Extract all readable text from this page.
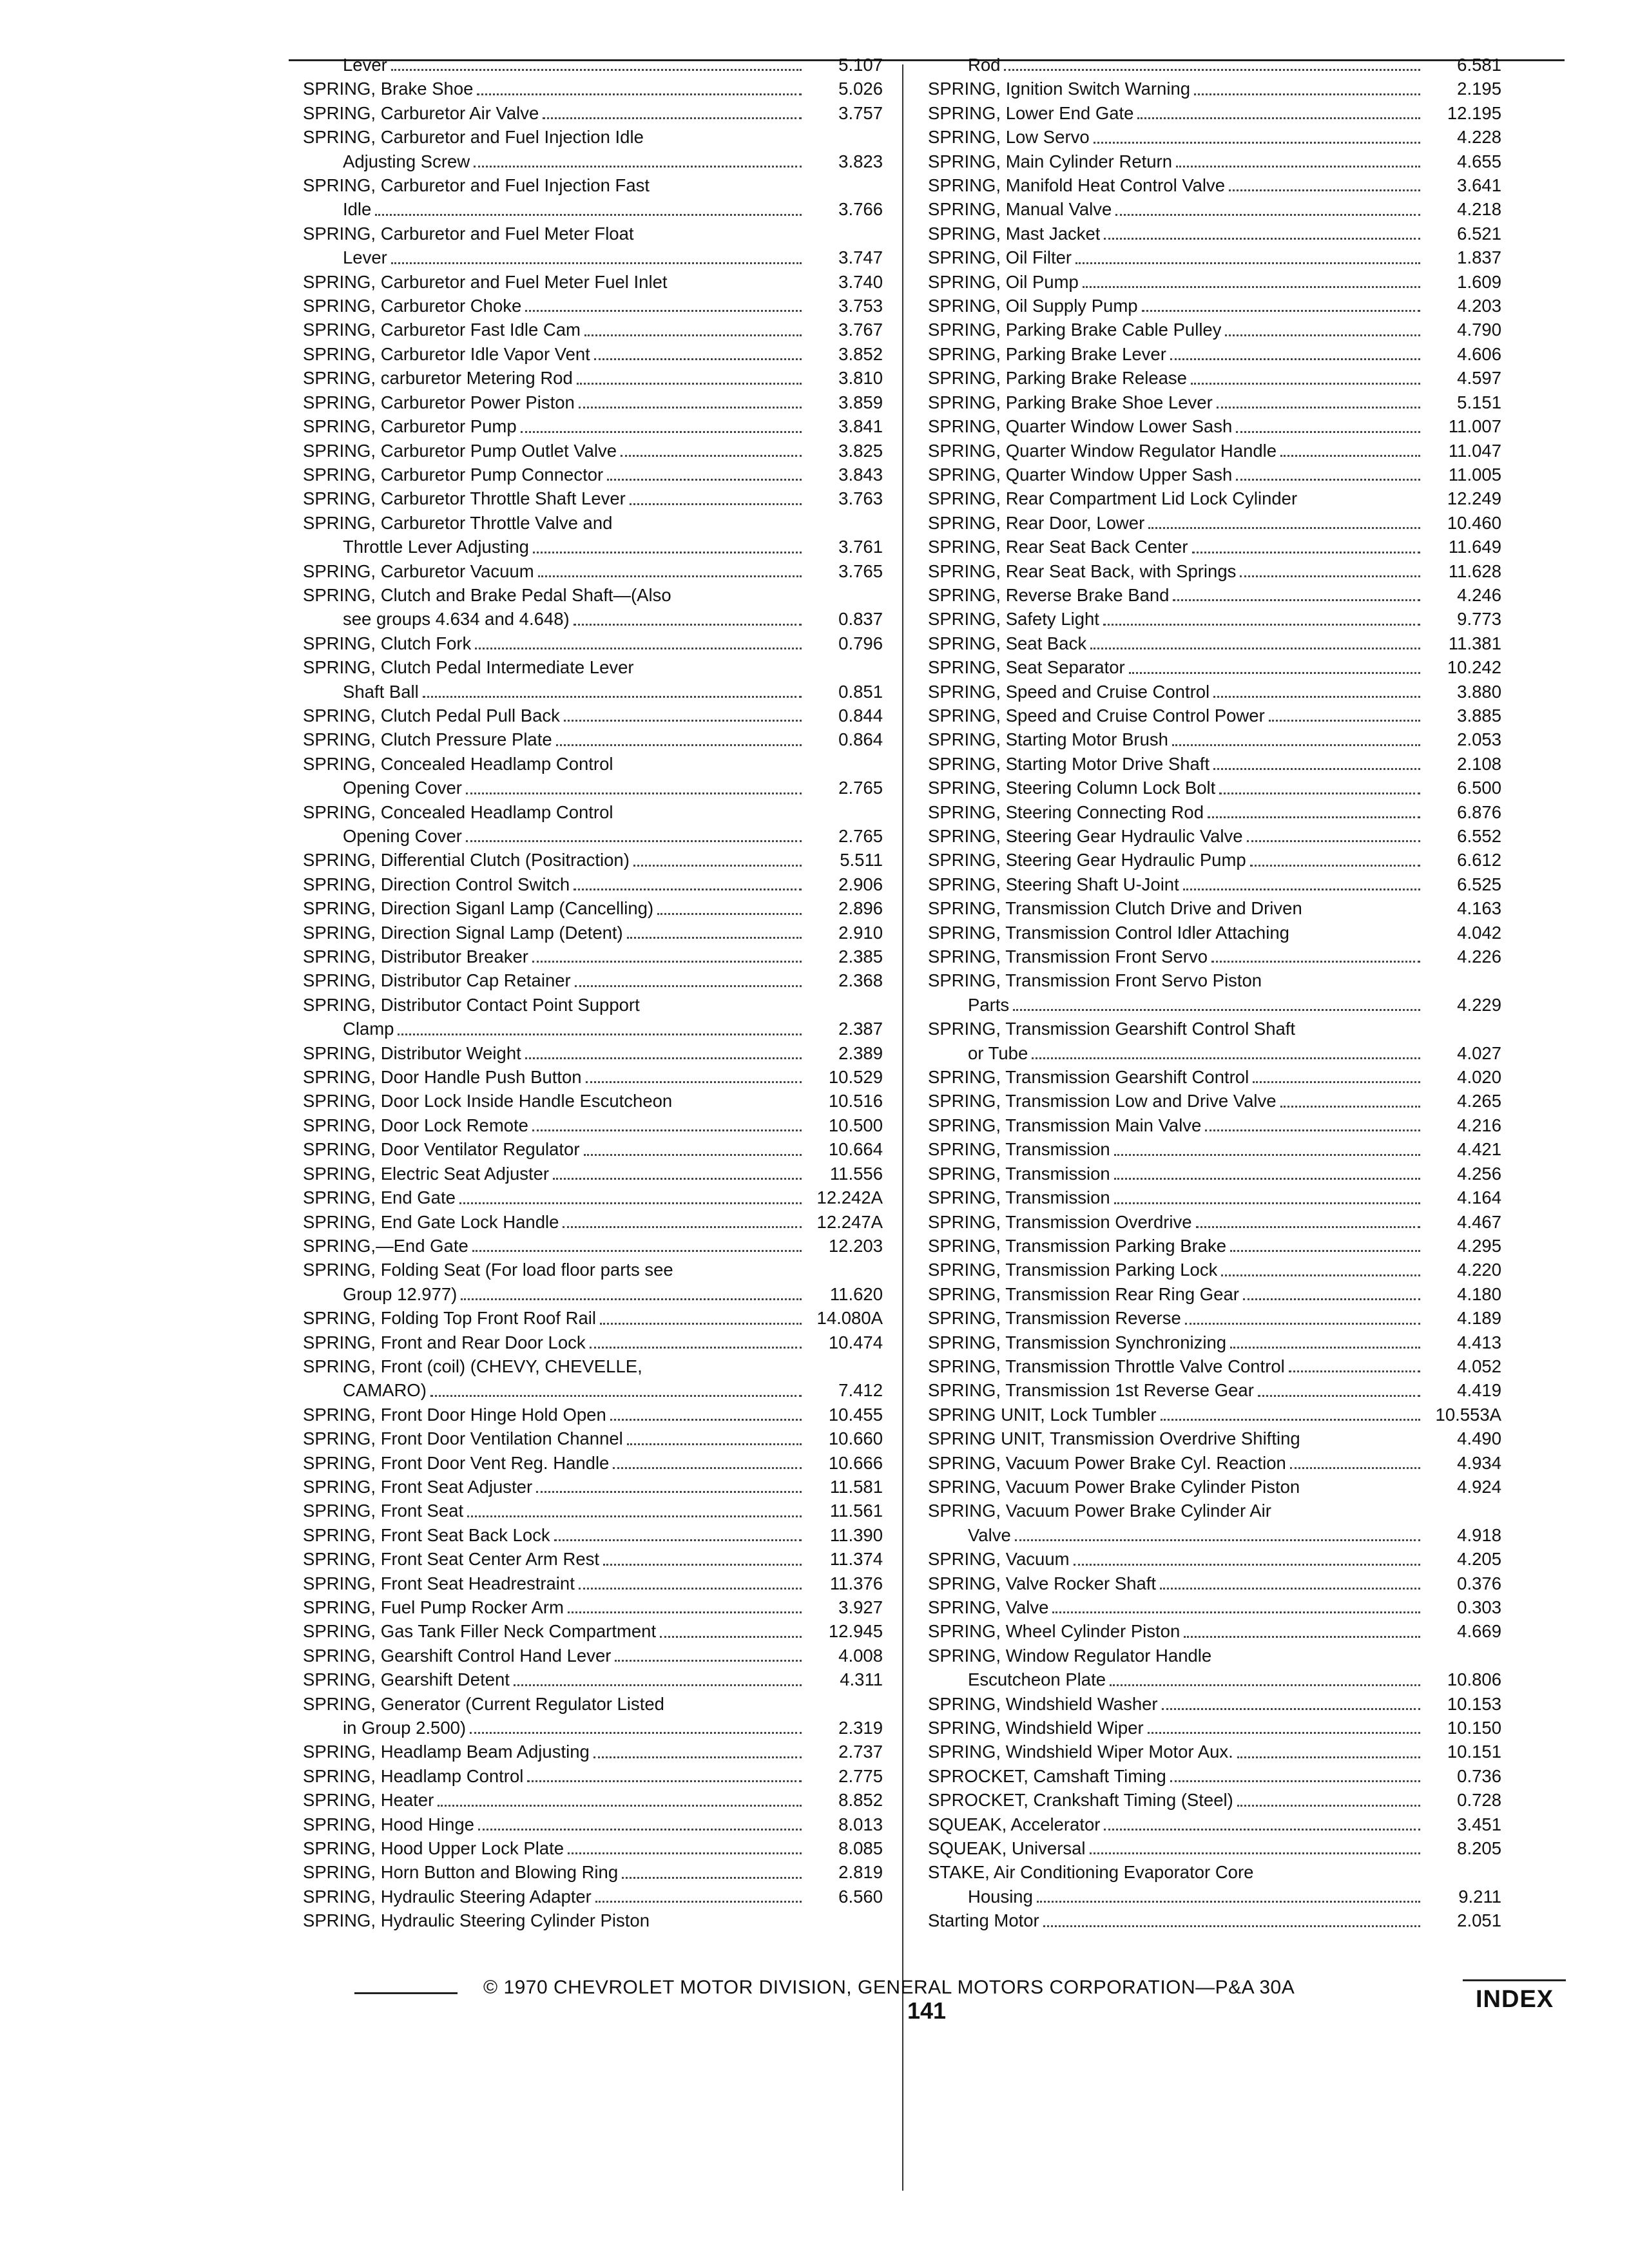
Lever	5.107
SPRING, Brake Shoe	5.026
SPRING, Carburetor Air Valve	3.757
SPRING, Carburetor and Fuel Injection Idle
Adjusting Screw	3.823
SPRING, Carburetor and Fuel Injection Fast
Idle	3.766
SPRING, Carburetor and Fuel Meter Float
Lever	3.747
SPRING, Carburetor and Fuel Meter Fuel Inlet	3.740
SPRING, Carburetor Choke	3.753
SPRING, Carburetor Fast Idle Cam	3.767
SPRING, Carburetor Idle Vapor Vent	3.852
SPRING, carburetor Metering Rod	3.810
SPRING, Carburetor Power Piston	3.859
SPRING, Carburetor Pump	3.841
SPRING, Carburetor Pump Outlet Valve	3.825
SPRING, Carburetor Pump Connector	3.843
SPRING, Carburetor Throttle Shaft Lever	3.763
SPRING, Carburetor Throttle Valve and
Throttle Lever Adjusting	3.761
SPRING, Carburetor Vacuum	3.765
SPRING, Clutch and Brake Pedal Shaft—(Also
see groups 4.634 and 4.648)	0.837
SPRING, Clutch Fork	0.796
SPRING, Clutch Pedal Intermediate Lever
Shaft Ball	0.851
SPRING, Clutch Pedal Pull Back	0.844
SPRING, Clutch Pressure Plate	0.864
SPRING, Concealed Headlamp Control
Opening Cover	2.765
SPRING, Concealed Headlamp Control
Opening Cover	2.765
SPRING, Differential Clutch (Positraction)	5.511
SPRING, Direction Control Switch	2.906
SPRING, Direction Siganl Lamp (Cancelling)	2.896
SPRING, Direction Signal Lamp (Detent)	2.910
SPRING, Distributor Breaker	2.385
SPRING, Distributor Cap Retainer	2.368
SPRING, Distributor Contact Point Support
Clamp	2.387
SPRING, Distributor Weight	2.389
SPRING, Door Handle Push Button	10.529
SPRING, Door Lock Inside Handle Escutcheon	10.516
SPRING, Door Lock Remote	10.500
SPRING, Door Ventilator Regulator	10.664
SPRING, Electric Seat Adjuster	11.556
SPRING, End Gate	12.242A
SPRING, End Gate Lock Handle	12.247A
SPRING,—End Gate	12.203
SPRING, Folding Seat (For load floor parts see
Group 12.977)	11.620
SPRING, Folding Top Front Roof Rail	14.080A
SPRING, Front and Rear Door Lock	10.474
SPRING, Front (coil) (CHEVY, CHEVELLE,
CAMARO)	7.412
SPRING, Front Door Hinge Hold Open	10.455
SPRING, Front Door Ventilation Channel	10.660
SPRING, Front Door Vent Reg. Handle	10.666
SPRING, Front Seat Adjuster	11.581
SPRING, Front Seat	11.561
SPRING, Front Seat Back Lock	11.390
SPRING, Front Seat Center Arm Rest	11.374
SPRING, Front Seat Headrestraint	11.376
SPRING, Fuel Pump Rocker Arm	3.927
SPRING, Gas Tank Filler Neck Compartment	12.945
SPRING, Gearshift Control Hand Lever	4.008
SPRING, Gearshift Detent	4.311
SPRING, Generator (Current Regulator Listed
in Group 2.500)	2.319
SPRING, Headlamp Beam Adjusting	2.737
SPRING, Headlamp Control	2.775
SPRING, Heater	8.852
SPRING, Hood Hinge	8.013
SPRING, Hood Upper Lock Plate	8.085
SPRING, Horn Button and Blowing Ring	2.819
SPRING, Hydraulic Steering Adapter	6.560
SPRING, Hydraulic Steering Cylinder Piston
Rod	6.581
SPRING, Ignition Switch Warning	2.195
SPRING, Lower End Gate	12.195
SPRING, Low Servo	4.228
SPRING, Main Cylinder Return	4.655
SPRING, Manifold Heat Control Valve	3.641
SPRING, Manual Valve	4.218
SPRING, Mast Jacket	6.521
SPRING, Oil Filter	1.837
SPRING, Oil Pump	1.609
SPRING, Oil Supply Pump	4.203
SPRING, Parking Brake Cable Pulley	4.790
SPRING, Parking Brake Lever	4.606
SPRING, Parking Brake Release	4.597
SPRING, Parking Brake Shoe Lever	5.151
SPRING, Quarter Window Lower Sash	11.007
SPRING, Quarter Window Regulator Handle	11.047
SPRING, Quarter Window Upper Sash	11.005
SPRING, Rear Compartment Lid Lock Cylinder	12.249
SPRING, Rear Door, Lower	10.460
SPRING, Rear Seat Back Center	11.649
SPRING, Rear Seat Back, with Springs	11.628
SPRING, Reverse Brake Band	4.246
SPRING, Safety Light	9.773
SPRING, Seat Back	11.381
SPRING, Seat Separator	10.242
SPRING, Speed and Cruise Control	3.880
SPRING, Speed and Cruise Control Power	3.885
SPRING, Starting Motor Brush	2.053
SPRING, Starting Motor Drive Shaft	2.108
SPRING, Steering Column Lock Bolt	6.500
SPRING, Steering Connecting Rod	6.876
SPRING, Steering Gear Hydraulic Valve	6.552
SPRING, Steering Gear Hydraulic Pump	6.612
SPRING, Steering Shaft U-Joint	6.525
SPRING, Transmission Clutch Drive and Driven	4.163
SPRING, Transmission Control Idler Attaching	4.042
SPRING, Transmission Front Servo	4.226
SPRING, Transmission Front Servo Piston
Parts	4.229
SPRING, Transmission Gearshift Control Shaft
or Tube	4.027
SPRING, Transmission Gearshift Control	4.020
SPRING, Transmission Low and Drive Valve	4.265
SPRING, Transmission Main Valve	4.216
SPRING, Transmission	4.421
SPRING, Transmission	4.256
SPRING, Transmission	4.164
SPRING, Transmission Overdrive	4.467
SPRING, Transmission Parking Brake	4.295
SPRING, Transmission Parking Lock	4.220
SPRING, Transmission Rear Ring Gear	4.180
SPRING, Transmission Reverse	4.189
SPRING, Transmission Synchronizing	4.413
SPRING, Transmission Throttle Valve Control	4.052
SPRING, Transmission 1st Reverse Gear	4.419
SPRING UNIT, Lock Tumbler	10.553A
SPRING UNIT, Transmission Overdrive Shifting	4.490
SPRING, Vacuum Power Brake Cyl. Reaction	4.934
SPRING, Vacuum Power Brake Cylinder Piston	4.924
SPRING, Vacuum Power Brake Cylinder Air
Valve	4.918
SPRING, Vacuum	4.205
SPRING, Valve Rocker Shaft	0.376
SPRING, Valve	0.303
SPRING, Wheel Cylinder Piston	4.669
SPRING, Window Regulator Handle
Escutcheon Plate	10.806
SPRING, Windshield Washer	10.153
SPRING, Windshield Wiper	10.150
SPRING, Windshield Wiper Motor Aux.	10.151
SPROCKET, Camshaft Timing	0.736
SPROCKET, Crankshaft Timing (Steel)	0.728
SQUEAK, Accelerator	3.451
SQUEAK, Universal	8.205
STAKE, Air Conditioning Evaporator Core
Housing	9.211
Starting Motor	2.051
© 1970 CHEVROLET MOTOR DIVISION, GENERAL MOTORS CORPORATION—P&A 30A
141	INDEX
